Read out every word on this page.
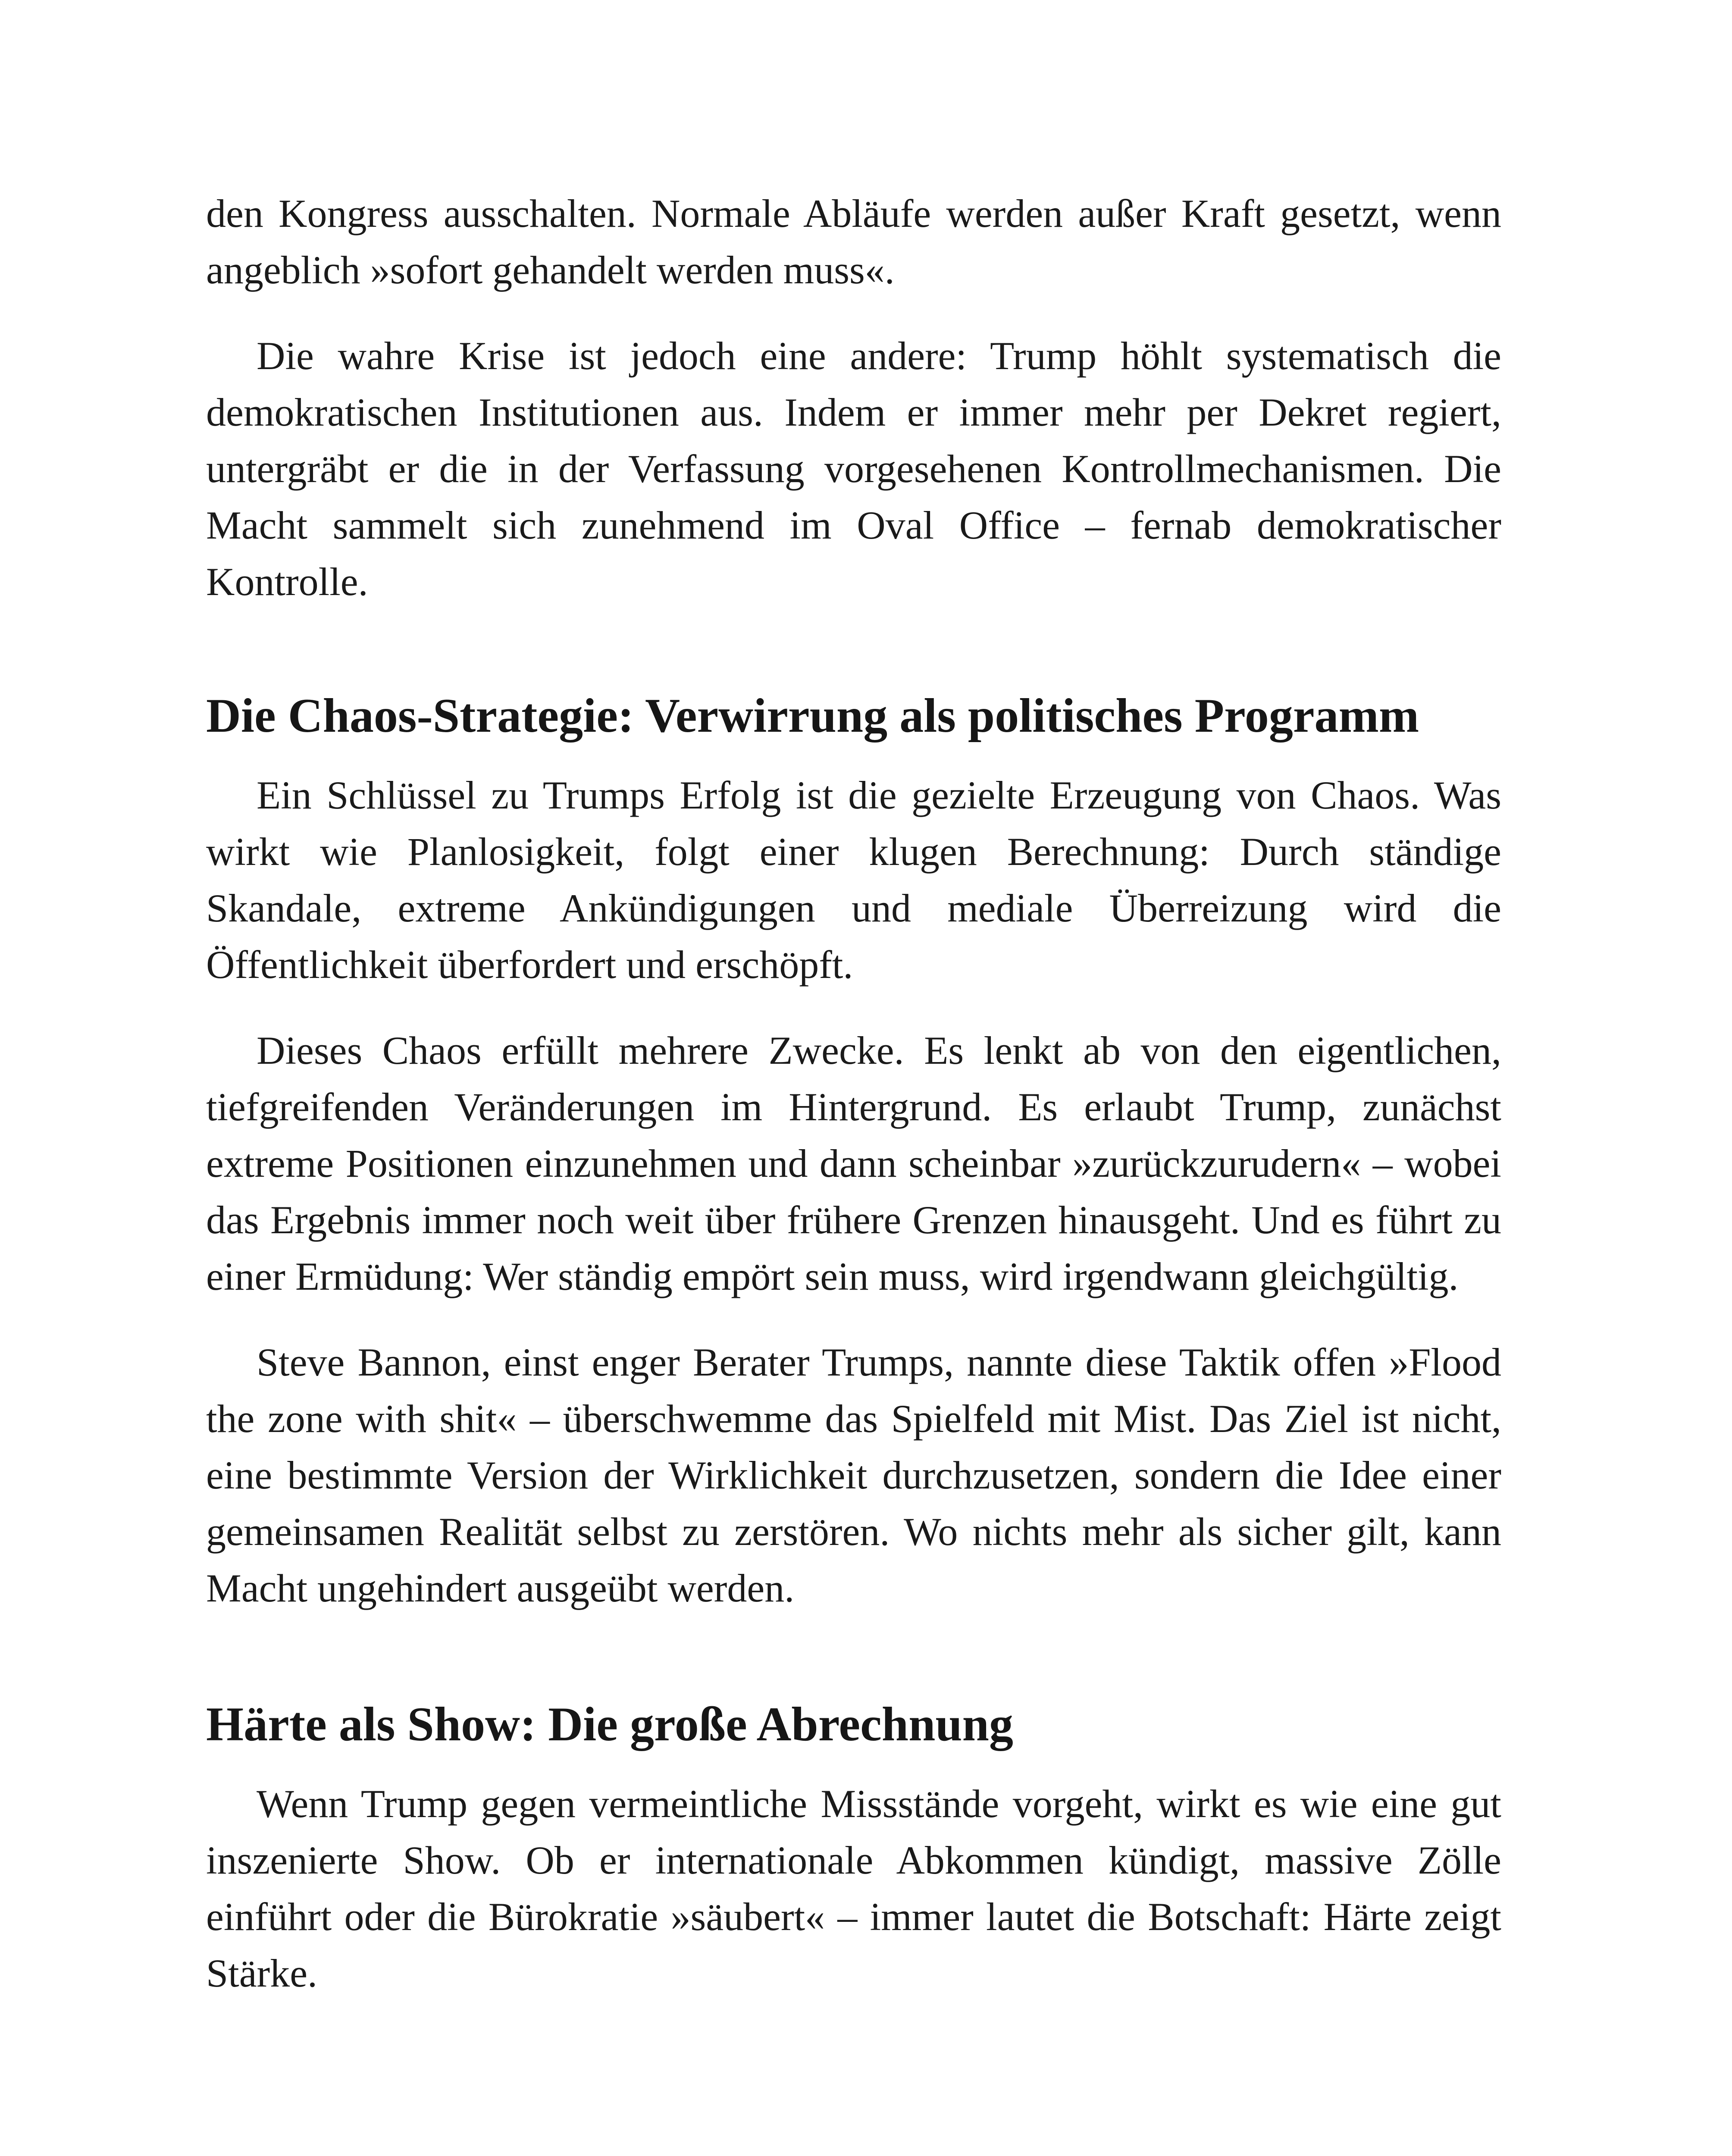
den Kongress ausschalten. Normale Abläufe werden außer Kraft gesetzt, wenn angeblich »sofort gehandelt werden muss«.

Die wahre Krise ist jedoch eine andere: Trump höhlt systematisch die demokratischen Institutionen aus. Indem er immer mehr per Dekret regiert, untergräbt er die in der Verfassung vorgesehenen Kontrollmechanismen. Die Macht sammelt sich zunehmend im Oval Office – fernab demokratischer Kontrolle.

Die Chaos-Strategie: Verwirrung als politisches Programm

Ein Schlüssel zu Trumps Erfolg ist die gezielte Erzeugung von Chaos. Was wirkt wie Planlosigkeit, folgt einer klugen Berechnung: Durch ständige Skandale, extreme Ankündigungen und mediale Überreizung wird die Öffentlichkeit überfordert und erschöpft.

Dieses Chaos erfüllt mehrere Zwecke. Es lenkt ab von den eigentlichen, tiefgreifenden Veränderungen im Hintergrund. Es erlaubt Trump, zunächst extreme Positionen einzunehmen und dann scheinbar »zurückzurudern« – wobei das Ergebnis immer noch weit über frühere Grenzen hinausgeht. Und es führt zu einer Ermüdung: Wer ständig empört sein muss, wird irgendwann gleichgültig.

Steve Bannon, einst enger Berater Trumps, nannte diese Taktik offen »Flood the zone with shit« – überschwemme das Spielfeld mit Mist. Das Ziel ist nicht, eine bestimmte Version der Wirklichkeit durchzusetzen, sondern die Idee einer gemeinsamen Realität selbst zu zerstören. Wo nichts mehr als sicher gilt, kann Macht ungehindert ausgeübt werden.

Härte als Show: Die große Abrechnung

Wenn Trump gegen vermeintliche Missstände vorgeht, wirkt es wie eine gut inszenierte Show. Ob er internationale Abkommen kündigt, massive Zölle einführt oder die Bürokratie »säubert« – immer lautet die Botschaft: Härte zeigt Stärke.
